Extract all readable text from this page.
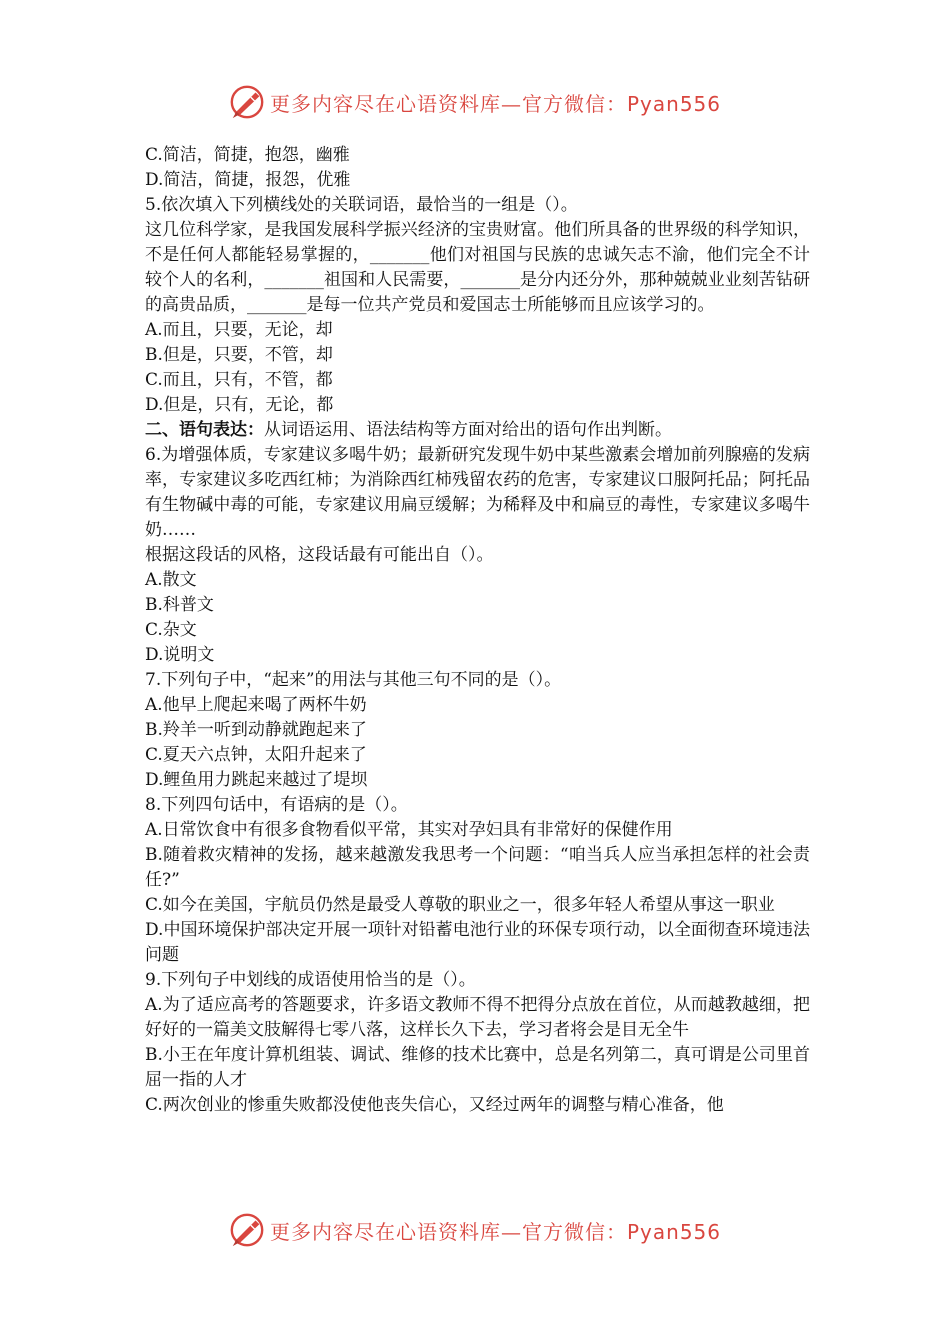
更多内容尽在心语资料库—官方微信：Pyan556

C.简洁，简捷，抱怨，幽雅

D.简洁，简捷，报怨，优雅

5.依次填入下列横线处的关联词语，最恰当的一组是（）。

这几位科学家，是我国发展科学振兴经济的宝贵财富。他们所具备的世界级的科学知识，不是任何人都能轻易掌握的，_______他们对祖国与民族的忠诚矢志不渝，他们完全不计较个人的名利，_______祖国和人民需要，_______是分内还分外，那种兢兢业业刻苦钻研的高贵品质，_______是每一位共产党员和爱国志士所能够而且应该学习的。

A.而且，只要，无论，却

B.但是，只要，不管，却

C.而且，只有，不管，都

D.但是，只有，无论，都

二、语句表达：从词语运用、语法结构等方面对给出的语句作出判断。

6.为增强体质，专家建议多喝牛奶；最新研究发现牛奶中某些激素会增加前列腺癌的发病率，专家建议多吃西红柿；为消除西红柿残留农药的危害，专家建议口服阿托品；阿托品有生物碱中毒的可能，专家建议用扁豆缓解；为稀释及中和扁豆的毒性，专家建议多喝牛奶……

根据这段话的风格，这段话最有可能出自（）。

A.散文

B.科普文

C.杂文

D.说明文

7.下列句子中，“起来”的用法与其他三句不同的是（）。

A.他早上爬起来喝了两杯牛奶

B.羚羊一听到动静就跑起来了

C.夏天六点钟，太阳升起来了

D.鲤鱼用力跳起来越过了堤坝

8.下列四句话中，有语病的是（）。

A.日常饮食中有很多食物看似平常，其实对孕妇具有非常好的保健作用

B.随着救灾精神的发扬，越来越激发我思考一个问题：“咱当兵人应当承担怎样的社会责任?”

C.如今在美国，宇航员仍然是最受人尊敬的职业之一，很多年轻人希望从事这一职业

D.中国环境保护部决定开展一项针对铅蓄电池行业的环保专项行动，以全面彻查环境违法问题

9.下列句子中划线的成语使用恰当的是（）。

A.为了适应高考的答题要求，许多语文教师不得不把得分点放在首位，从而越教越细，把好好的一篇美文肢解得七零八落，这样长久下去，学习者将会是目无全牛

B.小王在年度计算机组装、调试、维修的技术比赛中，总是名列第二，真可谓是公司里首屈一指的人才

C.两次创业的惨重失败都没使他丧失信心，又经过两年的调整与精心准备，他

更多内容尽在心语资料库—官方微信：Pyan556
